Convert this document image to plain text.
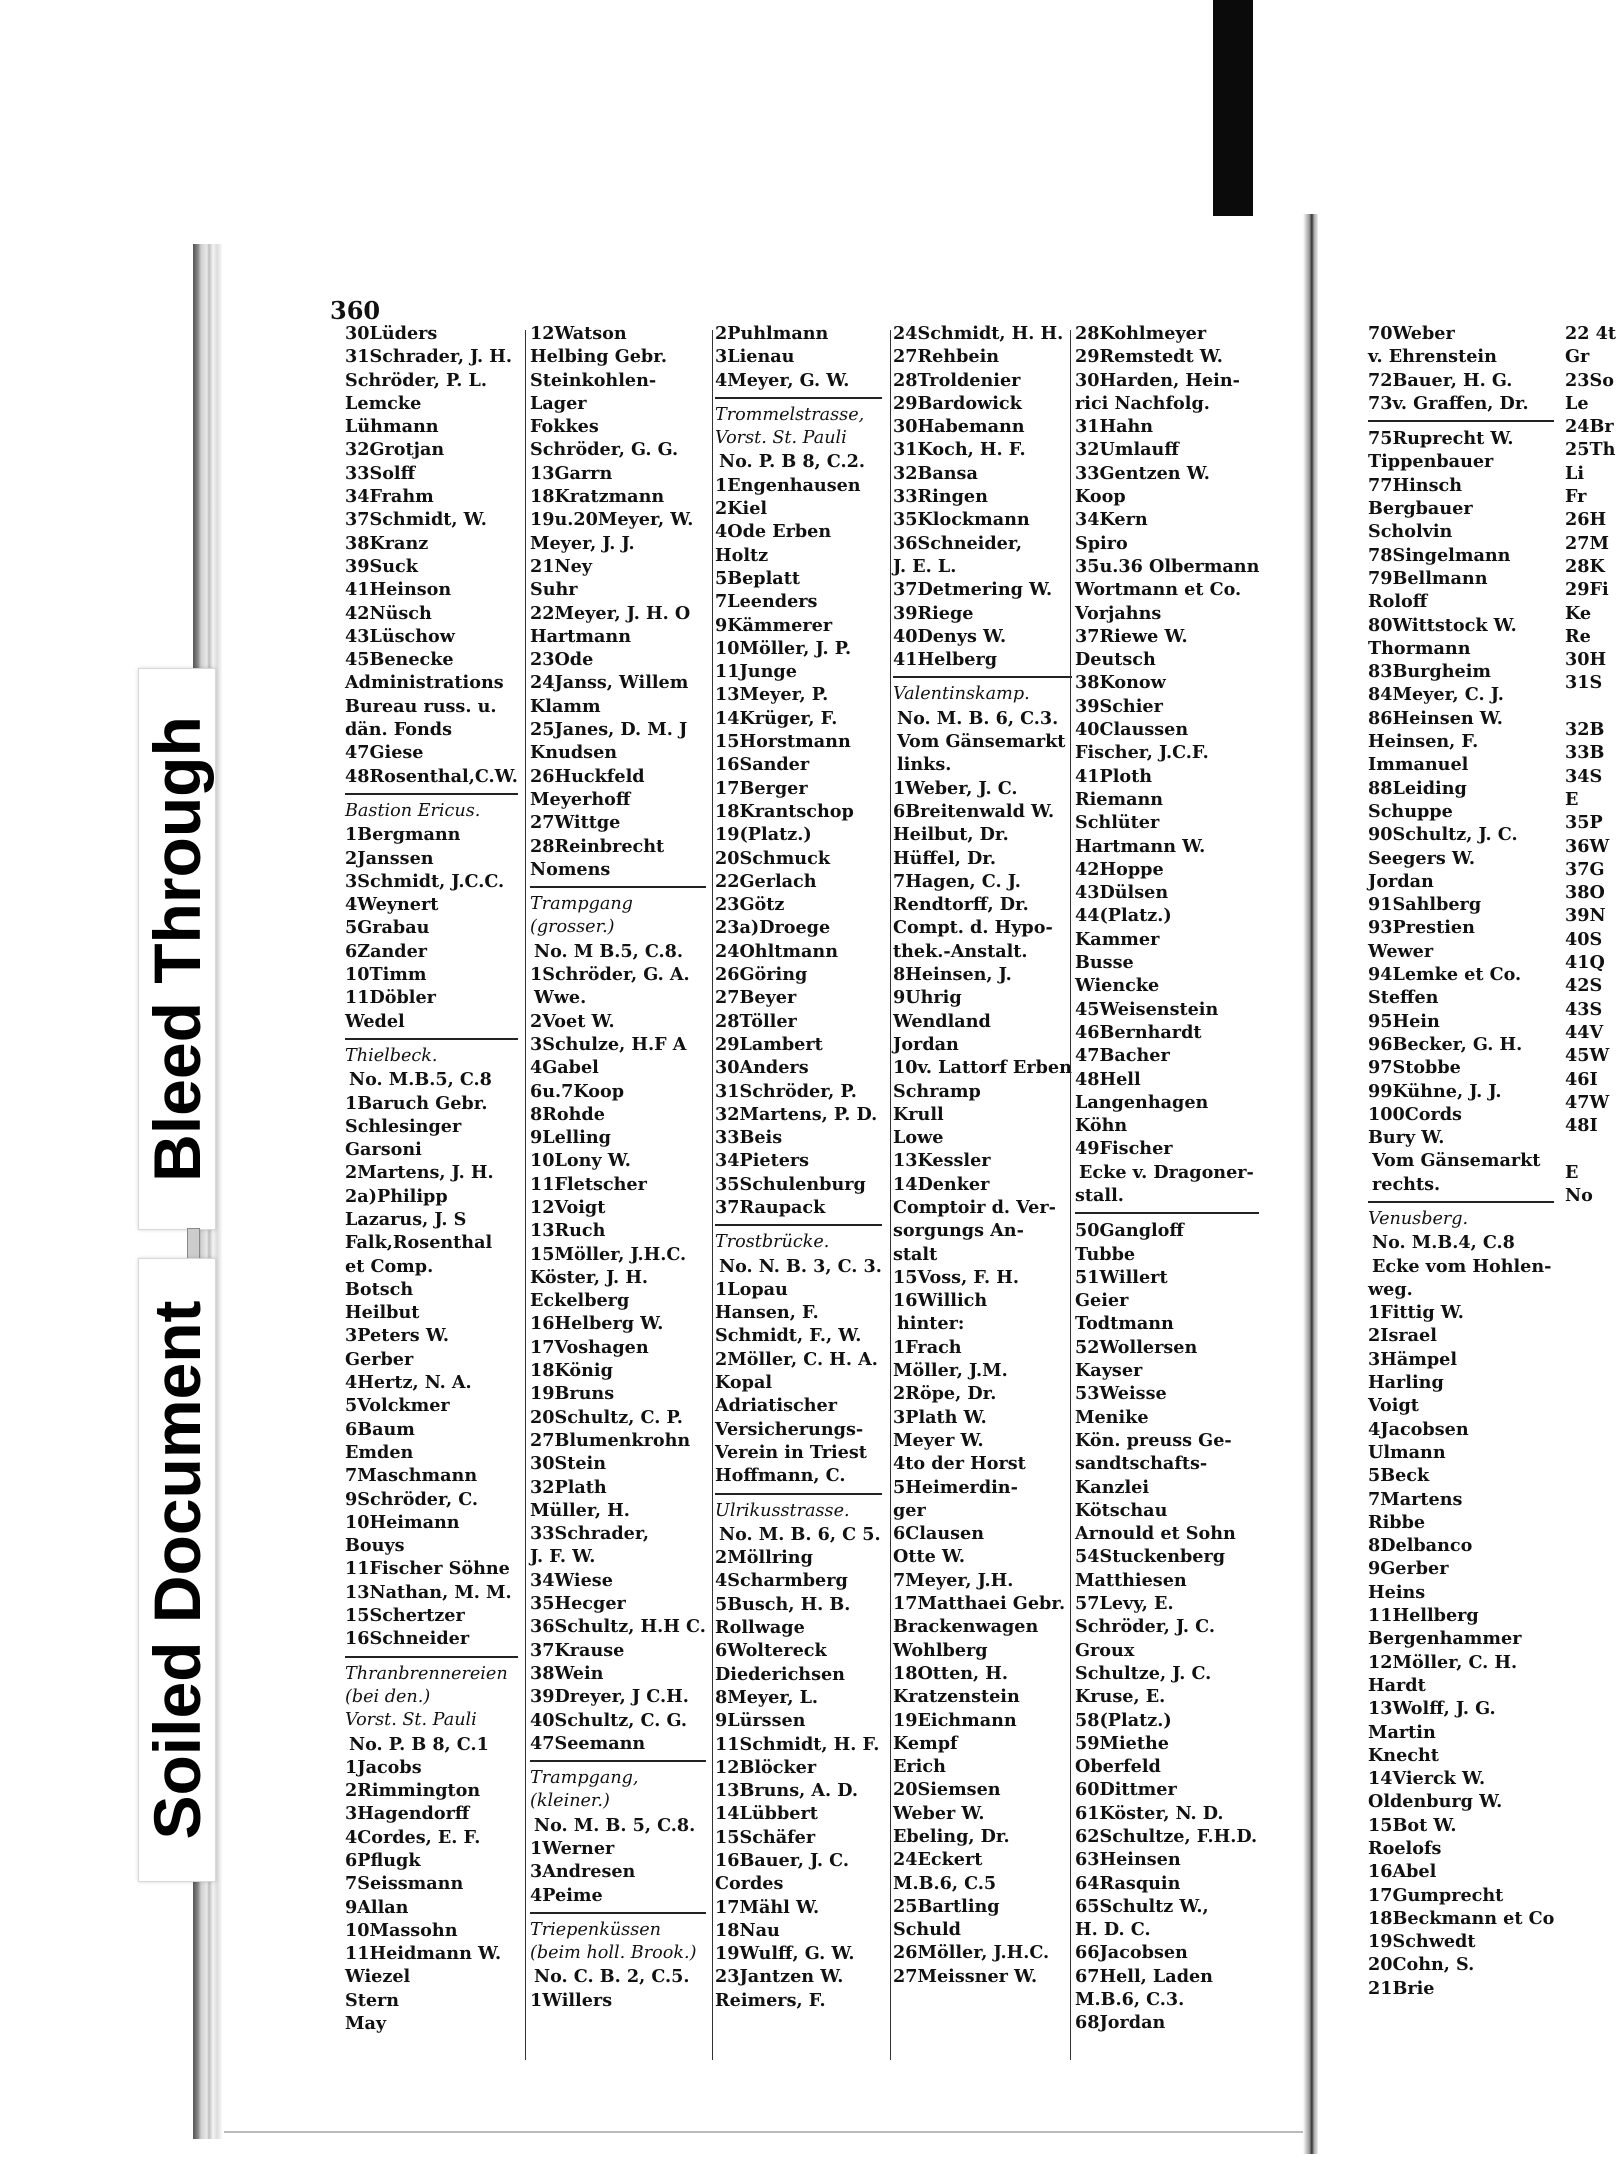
360
30Lüders
31Schrader, J. H.
Schröder, P. L.
Lemcke
Lühmann
32Grotjan
33Solff
34Frahm
37Schmidt, W.
38Kranz
39Suck
41Heinson
42Nüsch
43Lüschow
45Benecke
Administrations
Bureau russ. u.
dän. Fonds
47Giese
48Rosenthal,C.W.
Bastion Ericus.
1Bergmann
2Janssen
3Schmidt, J.C.C.
4Weynert
5Grabau
6Zander
10Timm
11Döbler
Wedel
Thielbeck.
No. M.B.5, C.8
1Baruch Gebr.
Schlesinger
Garsoni
2Martens, J. H.
2a)Philipp
Lazarus, J. S
Falk,Rosenthal
et Comp.
Botsch
Heilbut
3Peters W.
Gerber
4Hertz, N. A.
5Volckmer
6Baum
Emden
7Maschmann
9Schröder, C.
10Heimann
Bouys
11Fischer Söhne
13Nathan, M. M.
15Schertzer
16Schneider
Thranbrennereien
(bei den.)
Vorst. St. Pauli
No. P. B 8, C.1
1Jacobs
2Rimmington
3Hagendorff
4Cordes, E. F.
6Pflugk
7Seissmann
9Allan
10Massohn
11Heidmann W.
Wiezel
Stern
May
12Watson
Helbing Gebr.
Steinkohlen-
Lager
Fokkes
Schröder, G. G.
13Garrn
18Kratzmann
19u.20Meyer, W.
Meyer, J. J.
21Ney
Suhr
22Meyer, J. H. O
Hartmann
23Ode
24Janss, Willem
Klamm
25Janes, D. M. J
Knudsen
26Huckfeld
Meyerhoff
27Wittge
28Reinbrecht
Nomens
Trampgang
(grosser.)
No. M B.5, C.8.
1Schröder, G. A.
Wwe.
2Voet W.
3Schulze, H.F A
4Gabel
6u.7Koop
8Rohde
9Lelling
10Lony W.
11Fletscher
12Voigt
13Ruch
15Möller, J.H.C.
Köster, J. H.
Eckelberg
16Helberg W.
17Voshagen
18König
19Bruns
20Schultz, C. P.
27Blumenkrohn
30Stein
32Plath
Müller, H.
33Schrader,
J. F. W.
34Wiese
35Hecger
36Schultz, H.H C.
37Krause
38Wein
39Dreyer, J C.H.
40Schultz, C. G.
47Seemann
Trampgang,
(kleiner.)
No. M. B. 5, C.8.
1Werner
3Andresen
4Peime
Triepenküssen
(beim holl. Brook.)
No. C. B. 2, C.5.
1Willers
2Puhlmann
3Lienau
4Meyer, G. W.
Trommelstrasse,
Vorst. St. Pauli
No. P. B 8, C.2.
1Engenhausen
2Kiel
4Ode Erben
Holtz
5Beplatt
7Leenders
9Kämmerer
10Möller, J. P.
11Junge
13Meyer, P.
14Krüger, F.
15Horstmann
16Sander
17Berger
18Krantschop
19(Platz.)
20Schmuck
22Gerlach
23Götz
23a)Droege
24Ohltmann
26Göring
27Beyer
28Töller
29Lambert
30Anders
31Schröder, P.
32Martens, P. D.
33Beis
34Pieters
35Schulenburg
37Raupack
Trostbrücke.
No. N. B. 3, C. 3.
1Lopau
Hansen, F.
Schmidt, F., W.
2Möller, C. H. A.
Kopal
Adriatischer
Versicherungs-
Verein in Triest
Hoffmann, C.
Ulrikusstrasse.
No. M. B. 6, C 5.
2Möllring
4Scharmberg
5Busch, H. B.
Rollwage
6Woltereck
Diederichsen
8Meyer, L.
9Lürssen
11Schmidt, H. F.
12Blöcker
13Bruns, A. D.
14Lübbert
15Schäfer
16Bauer, J. C.
Cordes
17Mähl W.
18Nau
19Wulff, G. W.
23Jantzen W.
Reimers, F.
24Schmidt, H. H.
27Rehbein
28Troldenier
29Bardowick
30Habemann
31Koch, H. F.
32Bansa
33Ringen
35Klockmann
36Schneider,
J. E. L.
37Detmering W.
39Riege
40Denys W.
41Helberg
Valentinskamp.
No. M. B. 6, C.3.
Vom Gänsemarkt
links.
1Weber, J. C.
6Breitenwald W.
Heilbut, Dr.
Hüffel, Dr.
7Hagen, C. J.
Rendtorff, Dr.
Compt. d. Hypo-
thek.-Anstalt.
8Heinsen, J.
9Uhrig
Wendland
Jordan
10v. Lattorf Erben
Schramp
Krull
Lowe
13Kessler
14Denker
Comptoir d. Ver-
sorgungs An-
stalt
15Voss, F. H.
16Willich
hinter:
1Frach
Möller, J.M.
2Röpe, Dr.
3Plath W.
Meyer W.
4to der Horst
5Heimerdin-
ger
6Clausen
Otte W.
7Meyer, J.H.
17Matthaei Gebr.
Brackenwagen
Wohlberg
18Otten, H.
Kratzenstein
19Eichmann
Kempf
Erich
20Siemsen
Weber W.
Ebeling, Dr.
24Eckert
M.B.6, C.5
25Bartling
Schuld
26Möller, J.H.C.
27Meissner W.
28Kohlmeyer
29Remstedt W.
30Harden, Hein-
rici Nachfolg.
31Hahn
32Umlauff
33Gentzen W.
Koop
34Kern
Spiro
35u.36 Olbermann
Wortmann et Co.
Vorjahns
37Riewe W.
Deutsch
38Konow
39Schier
40Claussen
Fischer, J.C.F.
41Ploth
Riemann
Schlüter
Hartmann W.
42Hoppe
43Dülsen
44(Platz.)
Kammer
Busse
Wiencke
45Weisenstein
46Bernhardt
47Bacher
48Hell
Langenhagen
Köhn
49Fischer
Ecke v. Dragoner-
stall.
50Gangloff
Tubbe
51Willert
Geier
Todtmann
52Wollersen
Kayser
53Weisse
Menike
Kön. preuss Ge-
sandtschafts-
Kanzlei
Kötschau
Arnould et Sohn
54Stuckenberg
Matthiesen
57Levy, E.
Schröder, J. C.
Groux
Schultze, J. C.
Kruse, E.
58(Platz.)
59Miethe
Oberfeld
60Dittmer
61Köster, N. D.
62Schultze, F.H.D.
63Heinsen
64Rasquin
65Schultz W.,
H. D. C.
66Jacobsen
67Hell, Laden
M.B.6, C.3.
68Jordan
70Weber
v. Ehrenstein
72Bauer, H. G.
73v. Graffen, Dr.
75Ruprecht W.
Tippenbauer
77Hinsch
Bergbauer
Scholvin
78Singelmann
79Bellmann
Roloff
80Wittstock W.
Thormann
83Burgheim
84Meyer, C. J.
86Heinsen W.
Heinsen, F.
Immanuel
88Leiding
Schuppe
90Schultz, J. C.
Seegers W.
Jordan
91Sahlberg
93Prestien
Wewer
94Lemke et Co.
Steffen
95Hein
96Becker, G. H.
97Stobbe
99Kühne, J. J.
100Cords
Bury W.
Vom Gänsemarkt
rechts.
Venusberg.
No. M.B.4, C.8
Ecke vom Hohlen-
weg.
1Fittig W.
2Israel
3Hämpel
Harling
Voigt
4Jacobsen
Ulmann
5Beck
7Martens
Ribbe
8Delbanco
9Gerber
Heins
11Hellberg
Bergenhammer
12Möller, C. H.
Hardt
13Wolff, J. G.
Martin
Knecht
14Vierck W.
Oldenburg W.
15Bot W.
Roelofs
16Abel
17Gumprecht
18Beckmann et Co
19Schwedt
20Cohn, S.
21Brie
22 4t
Gr
23So
Le
24Br
25Th
Li
Fr
26H
27M
28K
29Fi
Ke
Re
30H
31S
32B
33B
34S
E
35P
36W
37G
38O
39N
40S
41Q
42S
43S
44V
45W
46I
47W
48I
E
No
Bleed Through
Soiled Document
